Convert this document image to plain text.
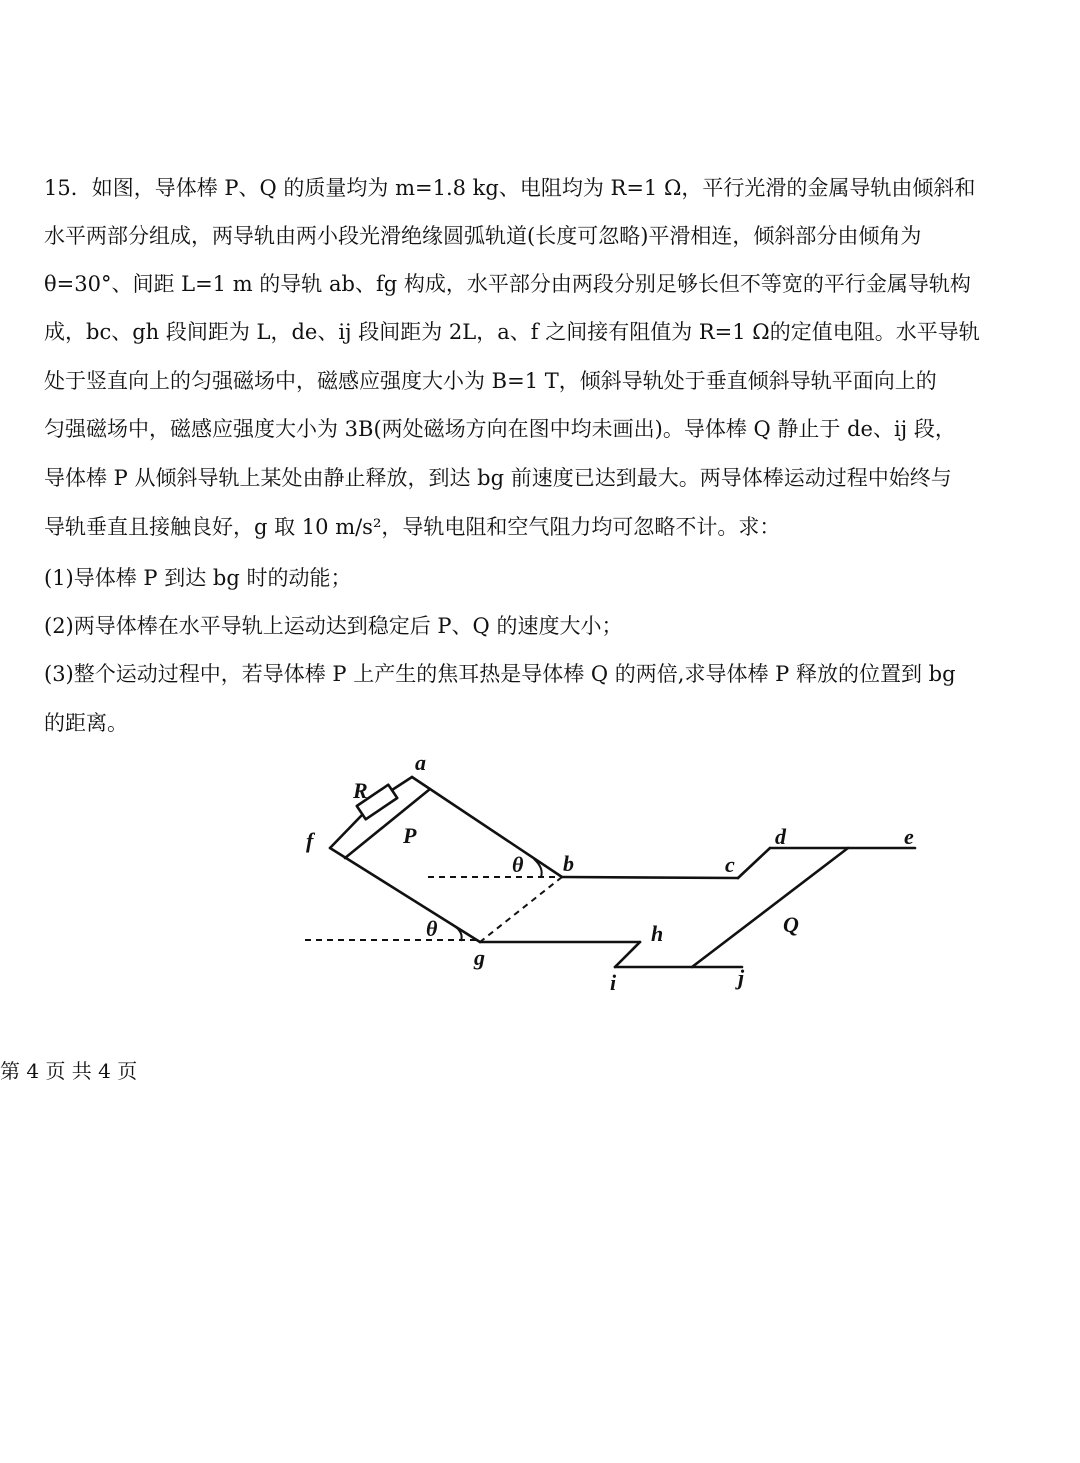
15．如图，导体棒 P、Q 的质量均为 m=1.8 kg、电阻均为 R=1 Ω，平行光滑的金属导轨由倾斜和
水平两部分组成，两导轨由两小段光滑绝缘圆弧轨道(长度可忽略)平滑相连，倾斜部分由倾角为
θ=30°、间距 L=1 m 的导轨 ab、fg 构成，水平部分由两段分别足够长但不等宽的平行金属导轨构
成，bc、gh 段间距为 L，de、ij 段间距为 2L，a、f 之间接有阻值为 R=1 Ω的定值电阻。水平导轨
处于竖直向上的匀强磁场中，磁感应强度大小为 B=1 T，倾斜导轨处于垂直倾斜导轨平面向上的
匀强磁场中，磁感应强度大小为 3B(两处磁场方向在图中均未画出)。导体棒 Q 静止于 de、ij 段，
导体棒 P 从倾斜导轨上某处由静止释放，到达 bg 前速度已达到最大。两导体棒运动过程中始终与
导轨垂直且接触良好，g 取 10 m/s²，导轨电阻和空气阻力均可忽略不计。求：
(1)导体棒 P 到达 bg 时的动能；
(2)两导体棒在水平导轨上运动达到稳定后 P、Q 的速度大小；
(3)整个运动过程中，若导体棒 P 上产生的焦耳热是导体棒 Q 的两倍,求导体棒 P 释放的位置到 bg
的距离。
a
R
P
f
θ b	c
d	e
Q
θ	h
g
i	j
第 4 页 共 4 页
